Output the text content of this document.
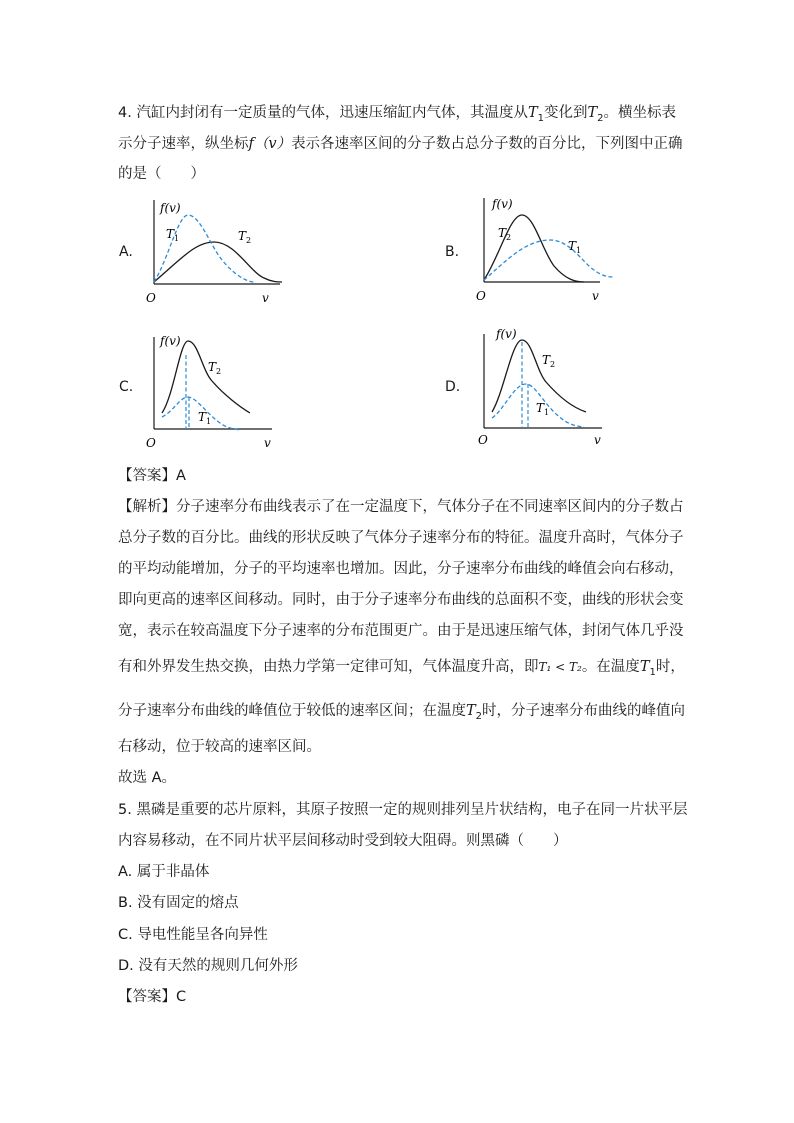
4. 汽缸内封闭有一定质量的气体，迅速压缩缸内气体，其温度从$T_1$变化到$T_2$。横坐标表
示分子速率，纵坐标f（v）表示各速率区间的分子数占总分子数的百分比，下列图中正确
的是（　　）
A.	B.
C.	D.
f(v)
$T_1$	$T_2$
O	v
f(v)
$T_2$
$T_1$
O	v
f(v)
$T_2$
$T_1$
O	v
f(v)
$T_2$
$T_1$
O	v
【答案】A
【解析】分子速率分布曲线表示了在一定温度下，气体分子在不同速率区间内的分子数占
总分子数的百分比。曲线的形状反映了气体分子速率分布的特征。温度升高时，气体分子
的平均动能增加，分子的平均速率也增加。因此，分子速率分布曲线的峰值会向右移动，
即向更高的速率区间移动。同时，由于分子速率分布曲线的总面积不变，曲线的形状会变
宽，表示在较高温度下分子速率的分布范围更广。由于是迅速压缩气体，封闭气体几乎没
有和外界发生热交换，由热力学第一定律可知，气体温度升高，即T₁ < T₂。在温度$T_1$时，
分子速率分布曲线的峰值位于较低的速率区间；在温度$T_2$时，分子速率分布曲线的峰值向
右移动，位于较高的速率区间。
故选 A。
5. 黑磷是重要的芯片原料，其原子按照一定的规则排列呈片状结构，电子在同一片状平层
内容易移动，在不同片状平层间移动时受到较大阻碍。则黑磷（　　）
A. 属于非晶体
B. 没有固定的熔点
C. 导电性能呈各向异性
D. 没有天然的规则几何外形
【答案】C
